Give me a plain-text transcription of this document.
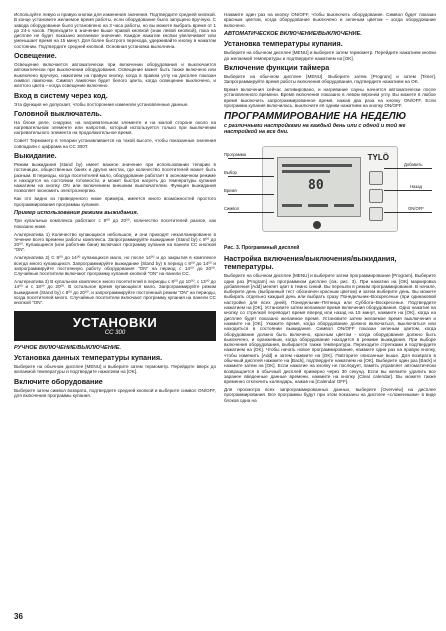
Используйте левую и правую кнопки для изменения значения. Подтвердите средней кнопкой. В конце установите желаемое время работы, если оборудование было запущено вручную. С завода оборудование было установлено на 3 часа работы, но вы можете выбрать время от 1 до 24-х часов. Переходите в значение выше правой кнопкой (знак левой кнопкой), пока на дисплее не будет показано желаемое значение. Каждое нажатие кнопки увеличивает или уменьшает время на 15 минут. Для более быстрого перехода, удерживайте кнопку в нажатом состоянии. Подтвердите средней кнопкой. Основная установка выполнена.

Освещение.

Освещение включается автоматически при включении оборудования и выключается автоматически при выключении оборудования. Освещение может быть также включено или выключено вручную, нажатием на правую кнопку, когда в правом углу на дисплее показан символ лампочки. Символ лампочки будет белого цвета, когда освещение выключено, и желтого цвета – когда освещение включено.

Вход в систему через код.

Эта функция не допускает, чтобы посторонние изменяли установленные данные.

Головной выключатель.

На блоке реле, снаружи, на нагревательном элементе и на малой стороне около на нагревательном элементе или напротив, который используется только при выключении нагревательного элемента на продолжительное время.

Совет! Термометр в тепарии устанавливается на такой высоте, чтобы показанные значения совпадали с цифрами на CC 300T.

Выкидание.

Режим выжидания (stand by) имеет важное значение при использовании тепарии в гостиницах, общественных банях и других местах, где количество посетителей может быть разным. В периоды, когда посетителей мало, оборудование работает в экономичном режиме и находится на состоянии готовности, и может быстро нагреть до температуры купания нажатием на кнопку ON или включением внешним выключателем. Функция выжидания позволяет экономить электроэнергию.

Как это видно из приведенного ниже примера, имеется много возможностей простого программирования программы купания.

Пример использования режима выжидания.

Три купальных комплекса работают с 8⁰⁰ до 20⁰⁰, количество посетителей разное, как показано ниже.

Альтернатива 1) Количество купающихся небольшое, и они приходят незапланированно в течение всего времени работы комплекса. Запрограммируйте выжидание (Stand by) с 8⁰⁰ до 20⁰⁰. Купающиеся (или работник бани) включают программу купания на панели CC кнопкой "ON".

Альтернатива 2) С 8⁰⁰ до 14⁰⁰ купающихся мало, но после 14⁰⁰ и до закрытия в комплексе всегда много купающихся. Запрограммируйте выжидание (Stand by) в период с 8⁰⁰ до 14⁰⁰ и запрограммируйте постоянную работу оборудования "ON" на период с 14⁰⁰ до 20⁰⁰. Случайные посетители включают программу купания кнопкой "ON" на панели CC.

Альтернатива 3) В купальном комплексе много посетителей в периоды с 8⁰⁰ до 10⁰⁰, с 13⁰⁰ до 14⁰⁰ и с 18⁰⁰ до 20⁰⁰. В остальное время купающихся мало. Запрограммируйте режим выжидания (Stand by) с 8⁰⁰ до 20⁰⁰, и запрограммируйте постоянный режим "ON" на периоды, когда посетителей много. Случайные посетители включают программу купания на панели CC кнопкой "ON".

УСТАНОВКИ
CC 300
РУЧНОЕ ВКЛЮЧЕНИЕ/ВЫКЛЮЧЕНИЕ.
Установка данных температуры купания.

Выберите на обычном дисплее [MENU] и выберите затем термометр. Перейдите вверх до желаемой температуры и подтвердите нажатием на [OK].

Включите оборудование

Выберите затем символ возврата, подтвердите средней кнопкой и выберите символ ON/OFF, для включения программы купания.

Нажмите один раз на кнопку ON/OFF, чтобы выключить оборудование. Символ будет показан красным цветом, когда оборудование выключено и зеленым цветом – когда оборудование включено.

АВТОМАТИЧЕСКОЕ ВКЛЮЧЕНИЕ/ВЫКЛЮЧЕНИЕ.
Установка температуры купания.

Выберите на обычном дисплее [MENU] и выберите затем термометр. Перейдите нажатием кнопки до желаемой температуры и подтвердите нажатием на [OK].

Включение функции таймера

Выберите на обычном дисплее [MENU]. Выберите затем [Program] и затем [Timer]. Запрограммируйте время работы включения оборудования, подтвердите нажатием на OK.

Время включения сейчас активировано, и нагревание сауны начнется автоматически после установленного времени. Время включения показано в левом верхнем углу. Вы можете в любое время выключить запрограммированное время, нажав два раза на кнопку ON/OFF. Если программа купания включилась, выключите её одним нажатием на кнопку ON/OFF.

ПРОГРАММИРОВАНИЕ НА НЕДЕЛЮ
с различными настройками на каждый день или с одной и той же настройкой на все дни.
80
TYLÖ
Программа
Выбор
Время
Символ
Добавить
Назад
ON/OFF
Рис. 3. Программный дисплей
Настройка включения/выключения/выжидания, температуры.

Выберите на обычном дисплее [MENU] и выберите затем программирование [Program]. Выберите один раз [Program] на программном дисплее (см. рис. 3). При нажатии на [OK] маркировка добавления [Add] меняет цвет в темно синий. Вы перешли в режим программирования. В начале, выберите день (выбранный тест обозначен красным цветом) и затем выберите день. Вы можете выбирать отдельно каждый день или выбрать сразу Понедельник–Воскресенье (при одинаковой настройке для всех дней), Понедельник–Пятница или Суббота–Воскресенье. Подтвердите нажатием на [OK]. Установите затем желаемое время включения оборудования. Одно нажатие на кнопку со стрелкой переводит время вперед или назад на 15 минут, нажмите на [OK], когда на дисплее будет показано желаемое время. Установите затем желаемое время выключения и нажмите на [OK]. Укажите время, когда оборудование должно включаться, выключаться или находиться в состоянии выжидания. Символ ON/OFF показан зеленым цветом, когда оборудование должно быть включено, красным цветом - когда оборудование должно быть выключено, и оранжевым, когда оборудование находится в режиме выжидания. При выборе включения оборудования, выбирается также температура. Переходите стрелками и подтвердите нажатием на [OK]. Чтобы начать новое программирование, нажмите один раз на правую кнопку, чтобы изменить [Add] и затем нажмите на [OK]. Повторите описанные выше. Для возврата в обычный дисплей нажмите на [Back], подтвердите нажатием на [OK]. Выберите один раз [Back] и нажмите затем на [OK]. Если нажатие на кнопку не последует, память управляет автоматически возвращается в обычный дисплей примерно через 30 секунд. Если вы желаете удалить все заранее введенные данные времени, нажмите на кнопку [Clear calendar]. Вы можете также временно отключить календарь, нажав на [Calendar OFF].

Для просмотра всех запрограммированных данных, выберите [Overview] на дисплее программирования. Все программы будут при этом показаны на дисплее «сложенными» в виде блоков одна на

36
